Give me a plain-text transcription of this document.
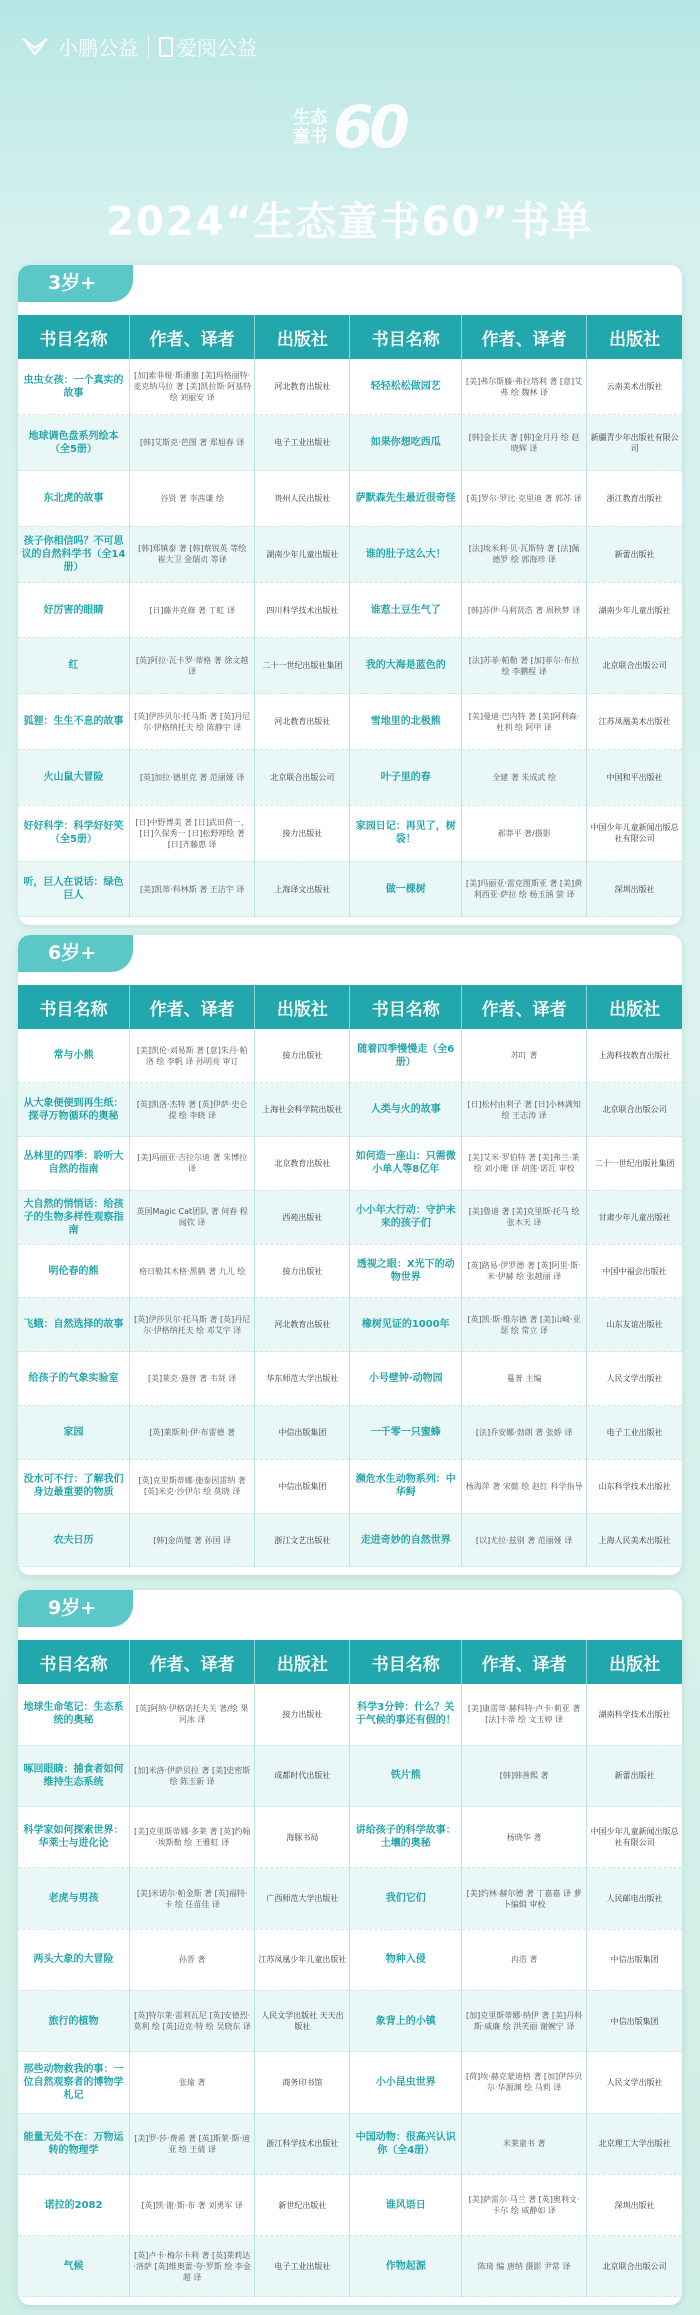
小鹏公益 爱阅公益
生态童书 60
2024“生态童书60”书单
3岁+
书目名称	作者、译者	出版社	书目名称	作者、译者	出版社
虫虫女孩：一个真实的故事	[加]索菲娅·斯潘塞 [美]玛格丽特·麦克纳马拉 著 [美]凯拉斯·阿基特 绘 刘丽安 译	河北教育出版社	轻轻松松做园艺	[美]弗尔斯藤·弗拉塔利 著 [意]艾弗 绘 魏林 译	云南美术出版社
地球调色盘系列绘本（全5册）	[韩]艾斯克·芭图 著 郑旭春 译	电子工业出版社	如果你想吃西瓜	[韩]金长庆 著 [韩]金月丹 绘 赵晓辉 译	新疆青少年出版社有限公司
东北虎的故事	谷贤 著 李茜谦 绘	贵州人民出版社	萨默森先生最近很奇怪	[英]罗尔·罗比·克里迪 著 郭苏 译	浙江教育出版社
孩子你相信吗？不可思议的自然科学书（全14册）	[韩]郑镇泰 著 [韩]蔡锐英 等绘 崔大卫 金瑞贞 等译	湖南少年儿童出版社	谁的肚子这么大！	[法]埃米利·贝·瓦斯特 著 [法]佩德罗 绘 郭海珍 译	新蕾出版社
好厉害的眼睛	[日]藤井克修 著 丁虹 译	四川科学技术出版社	谁惹土豆生气了	[韩]苏伊·马利贤浩 著 周秋梦 译	湖南少年儿童出版社
红	[英]阿拉·瓦卡罗·蒂格 著 徐文越 译	二十一世纪出版社集团	我的大海是蓝色的	[法]苏菲·帕勒 著 [加]菲尔·布拉 绘 李鹏程 译	北京联合出版公司
狐狸：生生不息的故事	[英]伊莎贝尔·托马斯 著 [英]丹尼尔·伊格纳托夫 绘 陈静宇 译	河北教育出版社	雪地里的北极熊	[美]曼迪·巴内特 著 [美]阿利森·杜利 绘 阿甲 译	江苏凤凰美术出版社
火山鼠大冒险	[英]加拉·德里克 著 范丽娅 译	北京联合出版公司	叶子里的春	全建 著 朱成武 绘	中国和平出版社
好好科学：科学好好笑（全5册）	[日]中野博美 著 [日]武田荷一、[日]久保秀一 [日]松野理绘 著 [日]齐藤惠 译	接力出版社	家园日记：再见了，树袋！	郝莽平 著/摄影	中国少年儿童新闻出版总社有限公司
听，巨人在说话：绿色巨人	[美]凯蒂·科林斯 著 王洁宇 译	上海译文出版社	做一棵树	[美]玛丽亚·雷克图斯亚 著 [美]黄利西亚·萨拉 绘 杨玉涵 萤 译	深圳出版社
6岁+
书目名称	作者、译者	出版社	书目名称	作者、译者	出版社
常与小熊	[美]凯伦·刘易斯 著 [意]朱丹·帕洛 绘 李帆 译 孙明亮 审订	接力出版社	随着四季慢慢走（全6册）	苏叮 著	上海科技教育出版社
从大象便便到再生纸：探寻万物循环的奥秘	[英]凯洛·杰特 著 [英]伊萨·史仑提 绘 李晓 译	上海社会科学院出版社	人类与火的故事	[日]松村由利子 著 [日]小林满知 绘 王志涛 译	北京联合出版公司
丛林里的四季：聆听大自然的指南	[美]玛丽亚·吉拉尔迪 著 朱博拉 译	北京教育出版社	如何造一座山：只需微小单人等8亿年	[美]艾米·罗伯特 著 [美]弗兰·莱 绘 刘小珊 译 胡莲·诺瓦 审校	二十一世纪出版社集团
大自然的悄悄话：给孩子的生物多样性观察指南	英国Magic Cat团队 著 何春 程闻钦 译	西苑出版社	小小年大行动：守护未来的孩子们	[美]鲁迪 著 [美]克里斯·托马 绘 张木天 译	甘肃少年儿童出版社
明伦春的熊	格日勒其木格·黑鹤 著 九儿 绘	接力出版社	透视之眼：X光下的动物世界	[英]路易·伊罗德 著 [英]阿里·斯·米·伊赫 绘 张越丽 译	中国中福会出版社
飞蛾：自然选择的故事	[英]伊莎贝尔·托马斯 著 [英]丹尼尔·伊格纳托夫 绘 邓艾宇 译	河北教育出版社	橡树见证的1000年	[英]凯·斯·维尔德 著 [美]山崎·亚瑟 绘 常立 译	山东友谊出版社
给孩子的气象实验室	[美]莱克·施普 著 韦贤 译	华东师范大学出版社	小号壁钟·动物园	蔓菁 主编	人民文学出版社
家园	[英]莱斯利·伊·布雷德 著	中信出版集团	一千零一只蜜蜂	[法]乔安娜·勃朗 著 张娇 译	电子工业出版社
没水可不行：了解我们身边最重要的物质	[英]克里斯蒂娜·施泰因雷纳 著 [英]米克·沙伊尔 绘 莫晓 译	中信出版集团	濒危水生动物系列：中华鲟	杨海萍 著 宋懿 绘 赵红 科学指导	山东科学技术出版社
农夫日历	[韩]金尚燮 著 孙国 译	浙江文艺出版社	走进奇妙的自然世界	[以]尤拉·兹别 著 范丽娅 译	上海人民美术出版社
9岁+
书目名称	作者、译者	出版社	书目名称	作者、译者	出版社
地球生命笔记：生态系统的奥秘	[英]阿纳·伊格诺托夫关 著/绘 果河冰 译	接力出版社	科学3分钟：什么？关于气候的事还有假的！	[美]康雷蒂·赫科特·卢卡·莉亚 著 [法]卡蒂 绘 文玉婷 译	湖南科学技术出版社
啄回眼睛：捕食者如何维持生态系统	[加]米洛·伊萨贝拉 著 [美]史密斯 绘 陈玉新 译	成都时代出版社	铁片熊	[韩]韩善熙 著	新蕾出版社
科学家如何探索世界：华莱士与进化论	[美]克里斯蒂娜·多莱 著 [英]约翰·埃斯勒 绘 王雅虹 译	海豚书局	讲给孩子的科学故事：土壤的奥秘	杨晓华 著	中国少年儿童新闻出版总社有限公司
老虎与男孩	[美]米诺尔·帕金斯 著 [英]福特·卡 绘 任苗佳 译	广西师范大学出版社	我们它们	[美]约林·赫尔德 著 丁嘉嘉 译 萝卜编辑 审校	人民邮电出版社
两头大象的大冒险	孙晋 著	江苏凤凰少年儿童出版社	物种入侵	冉浩 著	中信出版集团
旅行的植物	[英]特尔莱·雷利瓦尼 [英]安德烈·莫利 绘 [英]迈克·特 绘 吴晓东 译	人民文学出版社 天天出版社	象背上的小镇	[加]克里斯蒂娜·纳伊 著 [美]丹科斯·威廉 绘 洪芙丽 谢婉宁 译	中信出版集团
那些动物救我的事：一位自然观察者的博物学札记	张瑜 著	商务印书馆	小小昆虫世界	[荷]埃·赫克蒙迪格 著 [加]伊莎贝尔·华源渊 绘 马莉 译	人民文学出版社
能量无处不在：万物运转的物理学	[美]罗·莎·费希 著 [英]斯莱·斯·迪亚 绘 王倩 译	浙江科学技术出版社	中国动物：很高兴认识你（全4册）	米莱童书 著	北京理工大学出版社
诺拉的2082	[英]凯·谢·斯·布 著 刘勇军 译	新世纪出版社	谁风语日	[美]萨雷尔·马兰 著 [英]奥利文·卡尔 绘 威静如 译	深圳出版社
气候	[英]卢卡·梅尔卡利 著 [英]莱莉达·洛萨 [英]维奥蕾·夸·罗斯 绘 李金超 译	电子工业出版社	作物起源	陈琦 编 唐纳 摄影 尹常 译	北京联合出版公司
